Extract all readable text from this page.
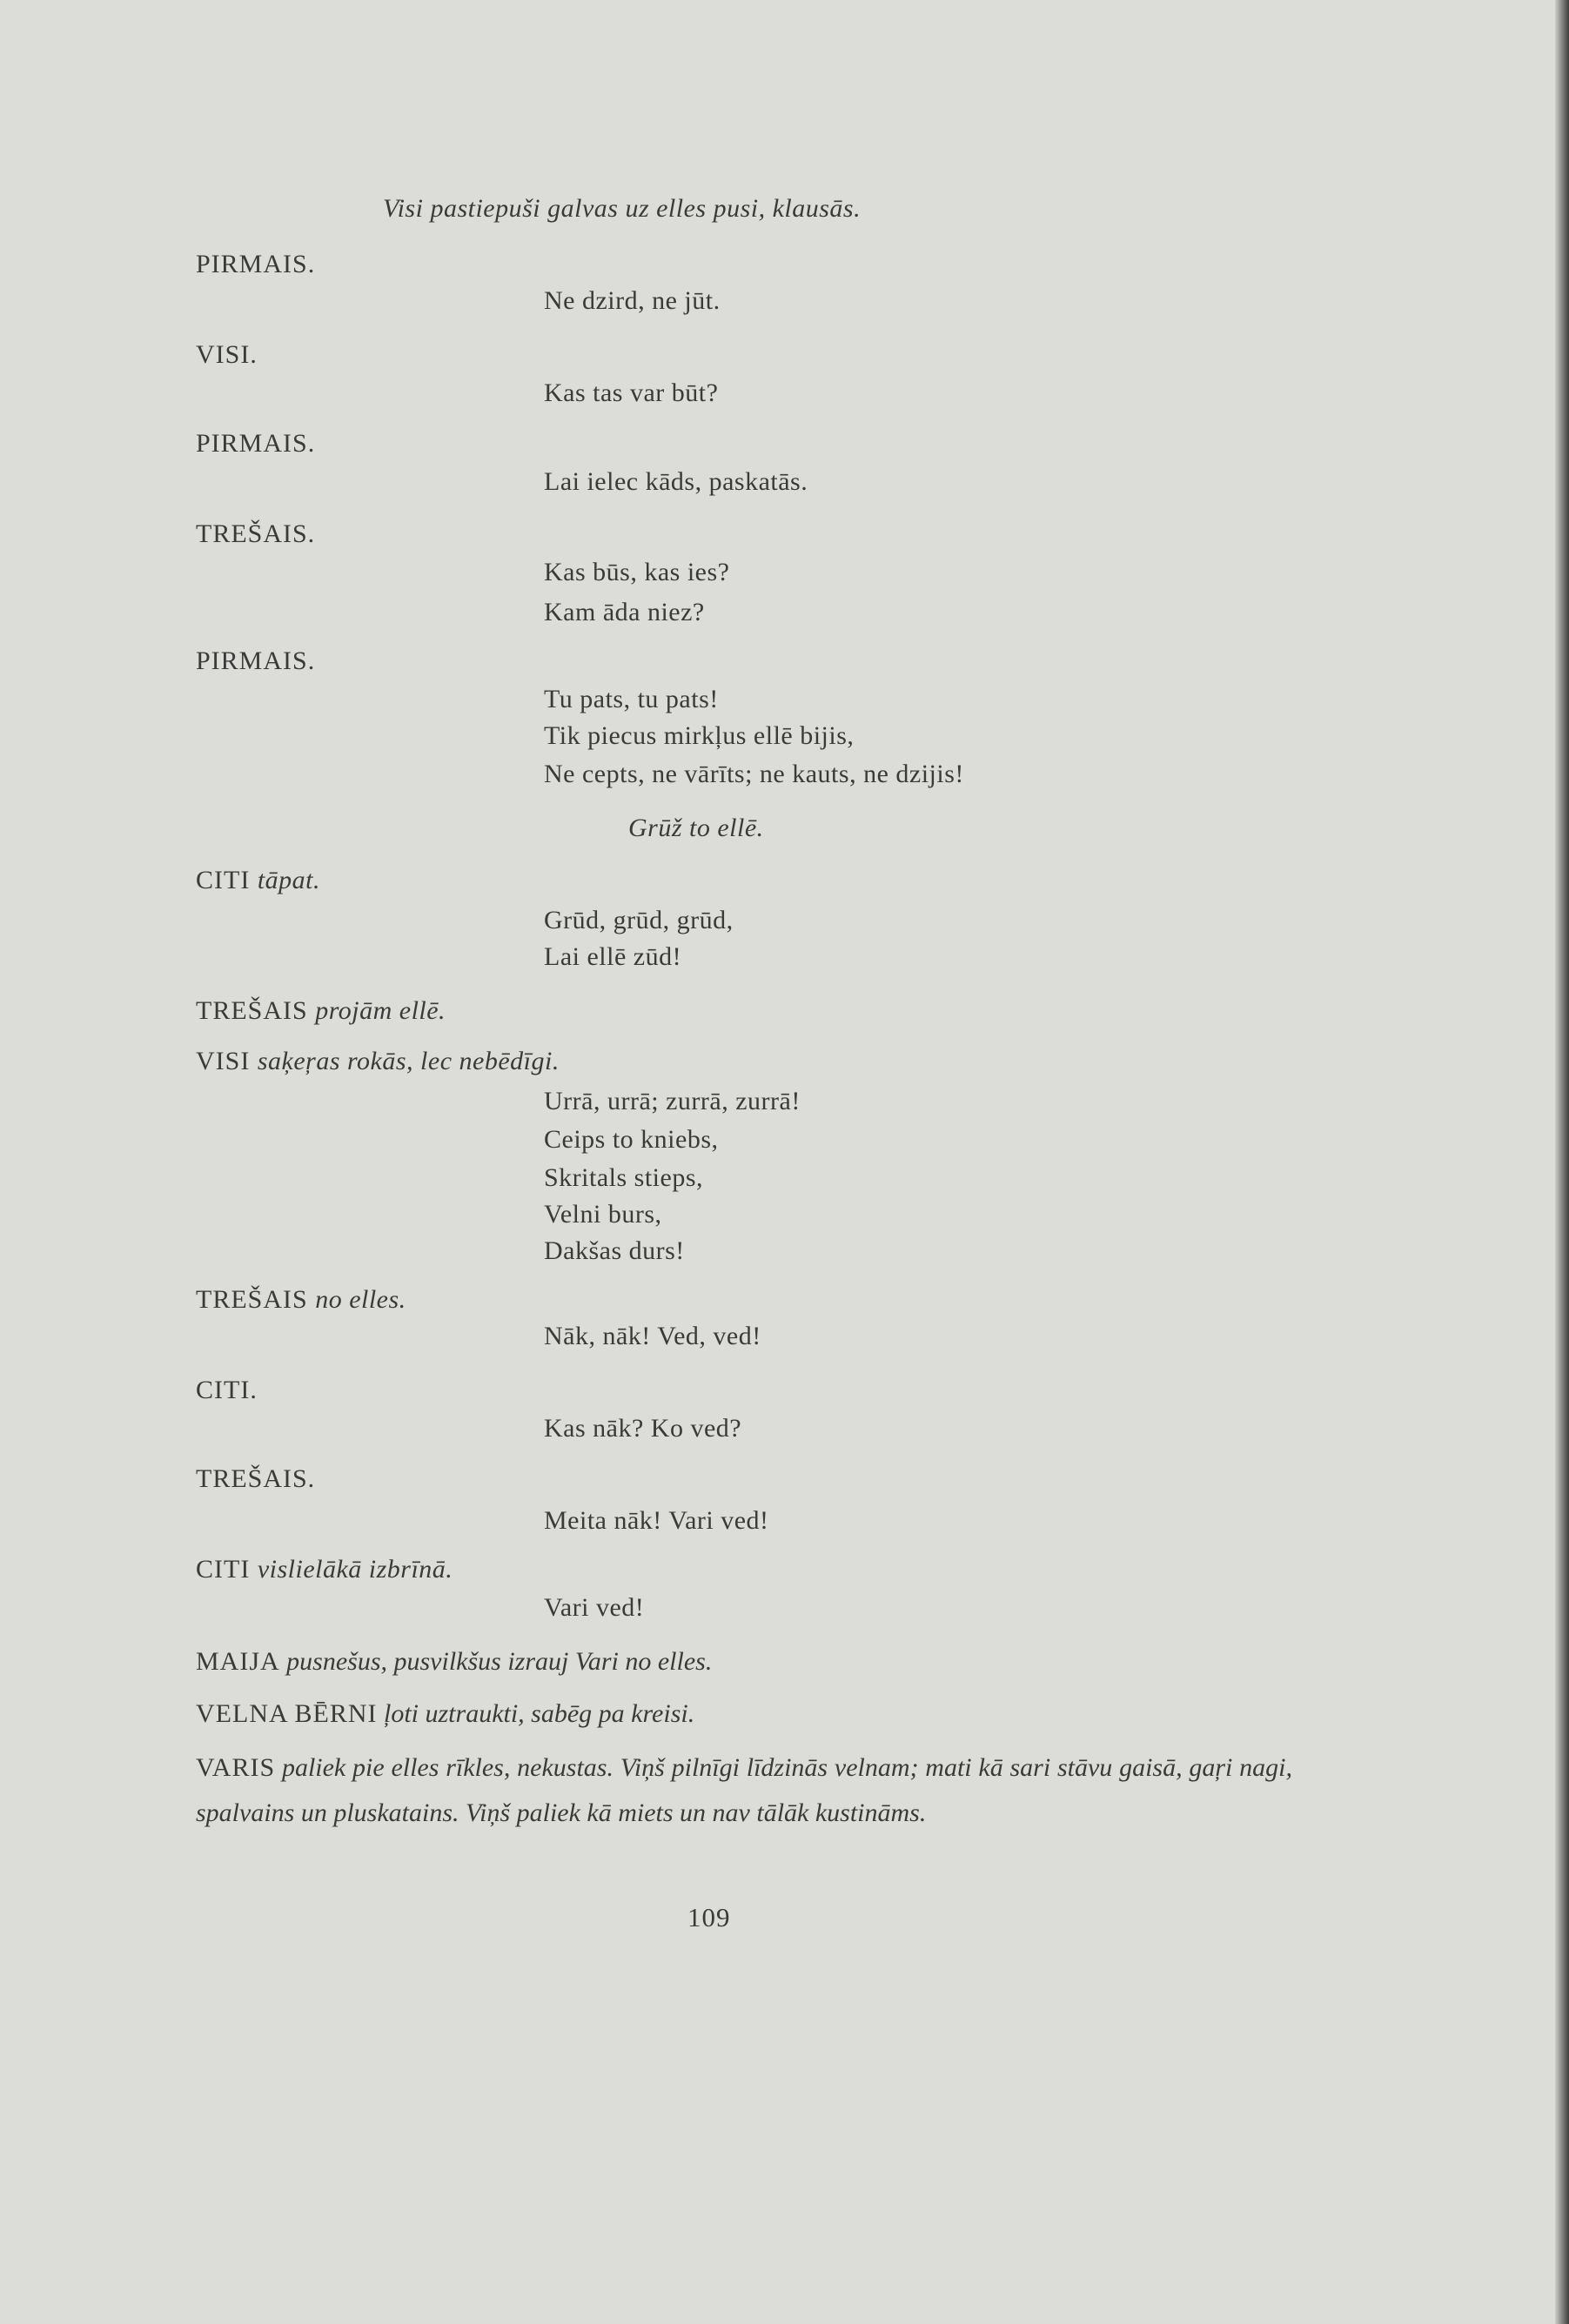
Visi pastiepuši galvas uz elles pusi, klausās.
PIRMAIS.
Ne dzird, ne jūt.
VISI.
Kas tas var būt?
PIRMAIS.
Lai ielec kāds, paskatās.
TREŠAIS.
Kas būs, kas ies?
Kam āda niez?
PIRMAIS.
Tu pats, tu pats!
Tik piecus mirkļus ellē bijis,
Ne cepts, ne vārīts; ne kauts, ne dzijis!
Grūž to ellē.
CITI tāpat.
Grūd, grūd, grūd,
Lai ellē zūd!
TREŠAIS projām ellē.
VISI saķeŗas rokās, lec nebēdīgi.
Urrā, urrā; zurrā, zurrā!
Ceips to kniebs,
Skritals stieps,
Velni burs,
Dakšas durs!
TREŠAIS no elles.
Nāk, nāk! Ved, ved!
CITI.
Kas nāk? Ko ved?
TREŠAIS.
Meita nāk! Vari ved!
CITI vislielākā izbrīnā.
Vari ved!
MAIJA pusnešus, pusvilkšus izrauj Vari no elles.
VELNA BĒRNI ļoti uztraukti, sabēg pa kreisi.
VARIS paliek pie elles rīkles, nekustas. Viņš pilnīgi līdzinās velnam; mati kā sari stāvu gaisā, gaŗi nagi, spalvains un pluskatains. Viņš paliek kā miets un nav tālāk kustināms.
109
